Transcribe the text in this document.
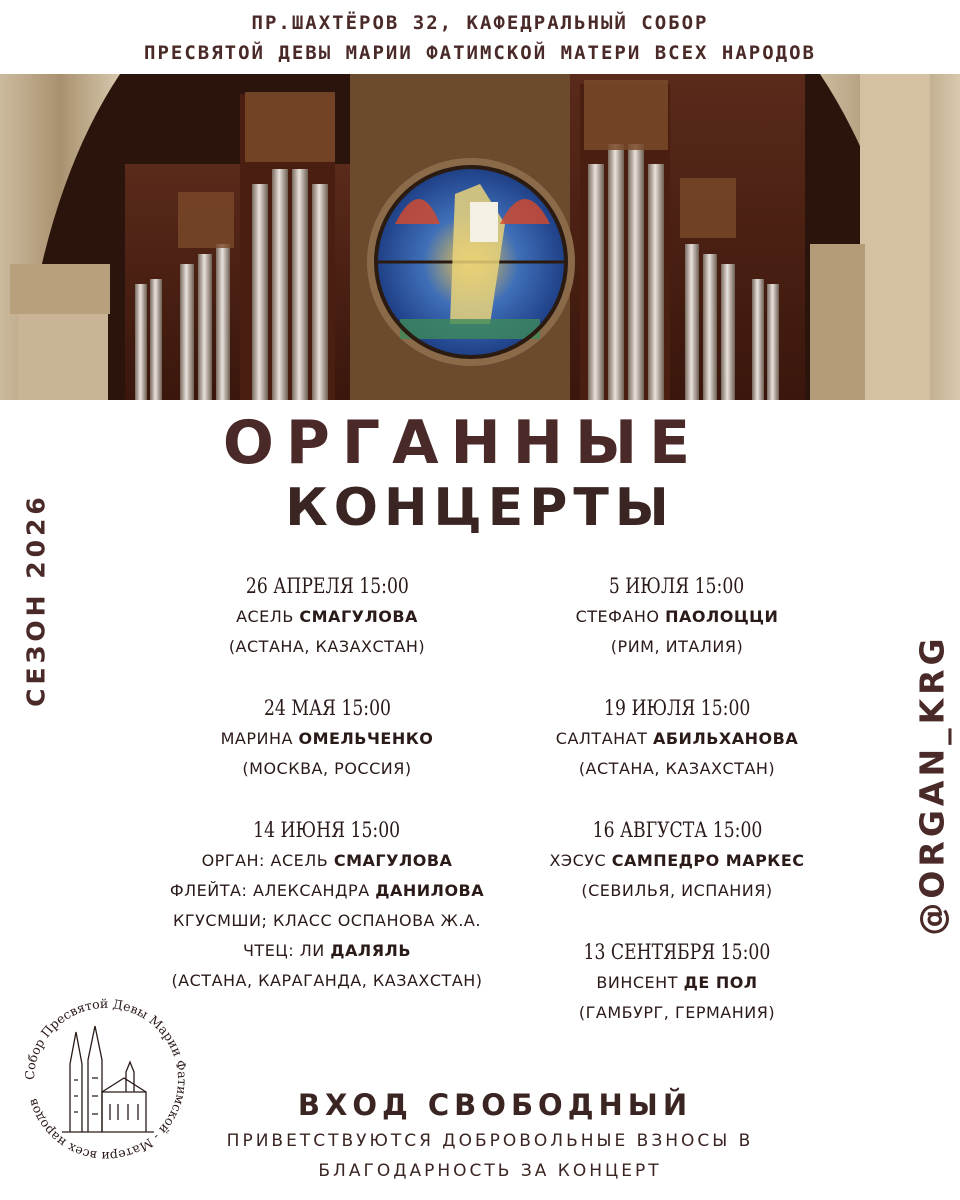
ПР.ШАХТЁРОВ 32, КАФЕДРАЛЬНЫЙ СОБОР
ПРЕСВЯТОЙ ДЕВЫ МАРИИ ФАТИМСКОЙ МАТЕРИ ВСЕХ НАРОДОВ
ОРГАННЫЕ
КОНЦЕРТЫ
СЕЗОН 2026
@ORGAN_KRG
26 АПРЕЛЯ 15:00
АСЕЛЬ СМАГУЛОВА
(АСТАНА, КАЗАХСТАН)
24 МАЯ 15:00
МАРИНА ОМЕЛЬЧЕНКО
(МОСКВА, РОССИЯ)
14 ИЮНЯ 15:00
ОРГАН: АСЕЛЬ СМАГУЛОВА
ФЛЕЙТА: АЛЕКСАНДРА ДАНИЛОВА
КГУСМШИ; КЛАСС ОСПАНОВА Ж.А.
ЧТЕЦ: ЛИ ДАЛЯЛЬ
(АСТАНА, КАРАГАНДА, КАЗАХСТАН)
5 ИЮЛЯ 15:00
СТЕФАНО ПАОЛОЦЦИ
(РИМ, ИТАЛИЯ)
19 ИЮЛЯ 15:00
САЛТАНАТ АБИЛЬХАНОВА
(АСТАНА, КАЗАХСТАН)
16 АВГУСТА 15:00
ХЭСУС САМПЕДРО МАРКЕС
(СЕВИЛЬЯ, ИСПАНИЯ)
13 СЕНТЯБРЯ 15:00
ВИНСЕНТ ДЕ ПОЛ
(ГАМБУРГ, ГЕРМАНИЯ)
Собор Пресвятой Девы Марии Фатимской - Матери всех народов	ВХОД СВОБОДНЫЙ
ПРИВЕТСТВУЮТСЯ ДОБРОВОЛЬНЫЕ ВЗНОСЫ В
БЛАГОДАРНОСТЬ ЗА КОНЦЕРТ
